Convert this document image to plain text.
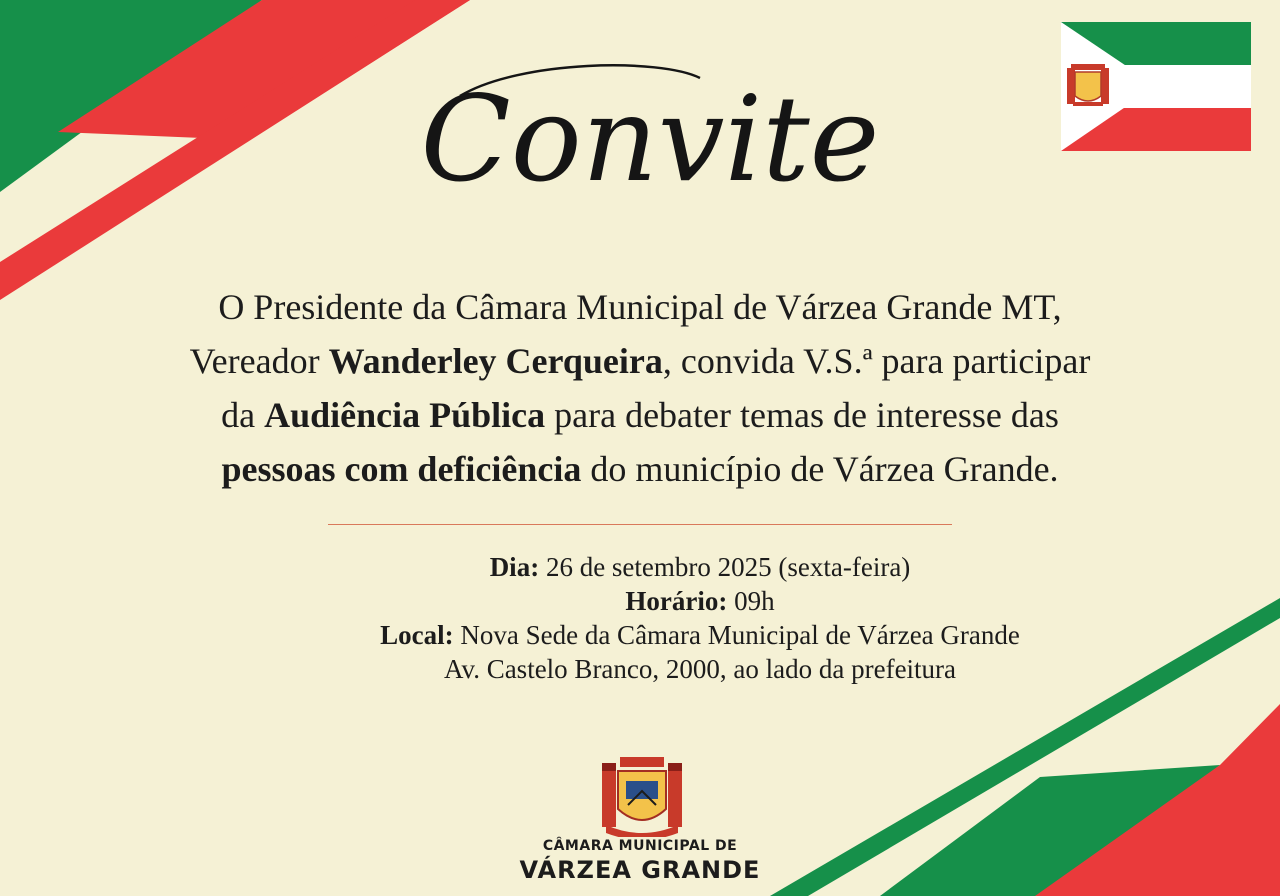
Convite
O Presidente da Câmara Municipal de Várzea Grande MT,
Vereador Wanderley Cerqueira, convida V.S.ª para participar
da Audiência Pública para debater temas de interesse das
pessoas com deficiência do município de Várzea Grande.
Dia: 26 de setembro 2025 (sexta-feira)
Horário: 09h
Local: Nova Sede da Câmara Municipal de Várzea Grande
Av. Castelo Branco, 2000, ao lado da prefeitura
CÂMARA MUNICIPAL DE
VÁRZEA GRANDE
